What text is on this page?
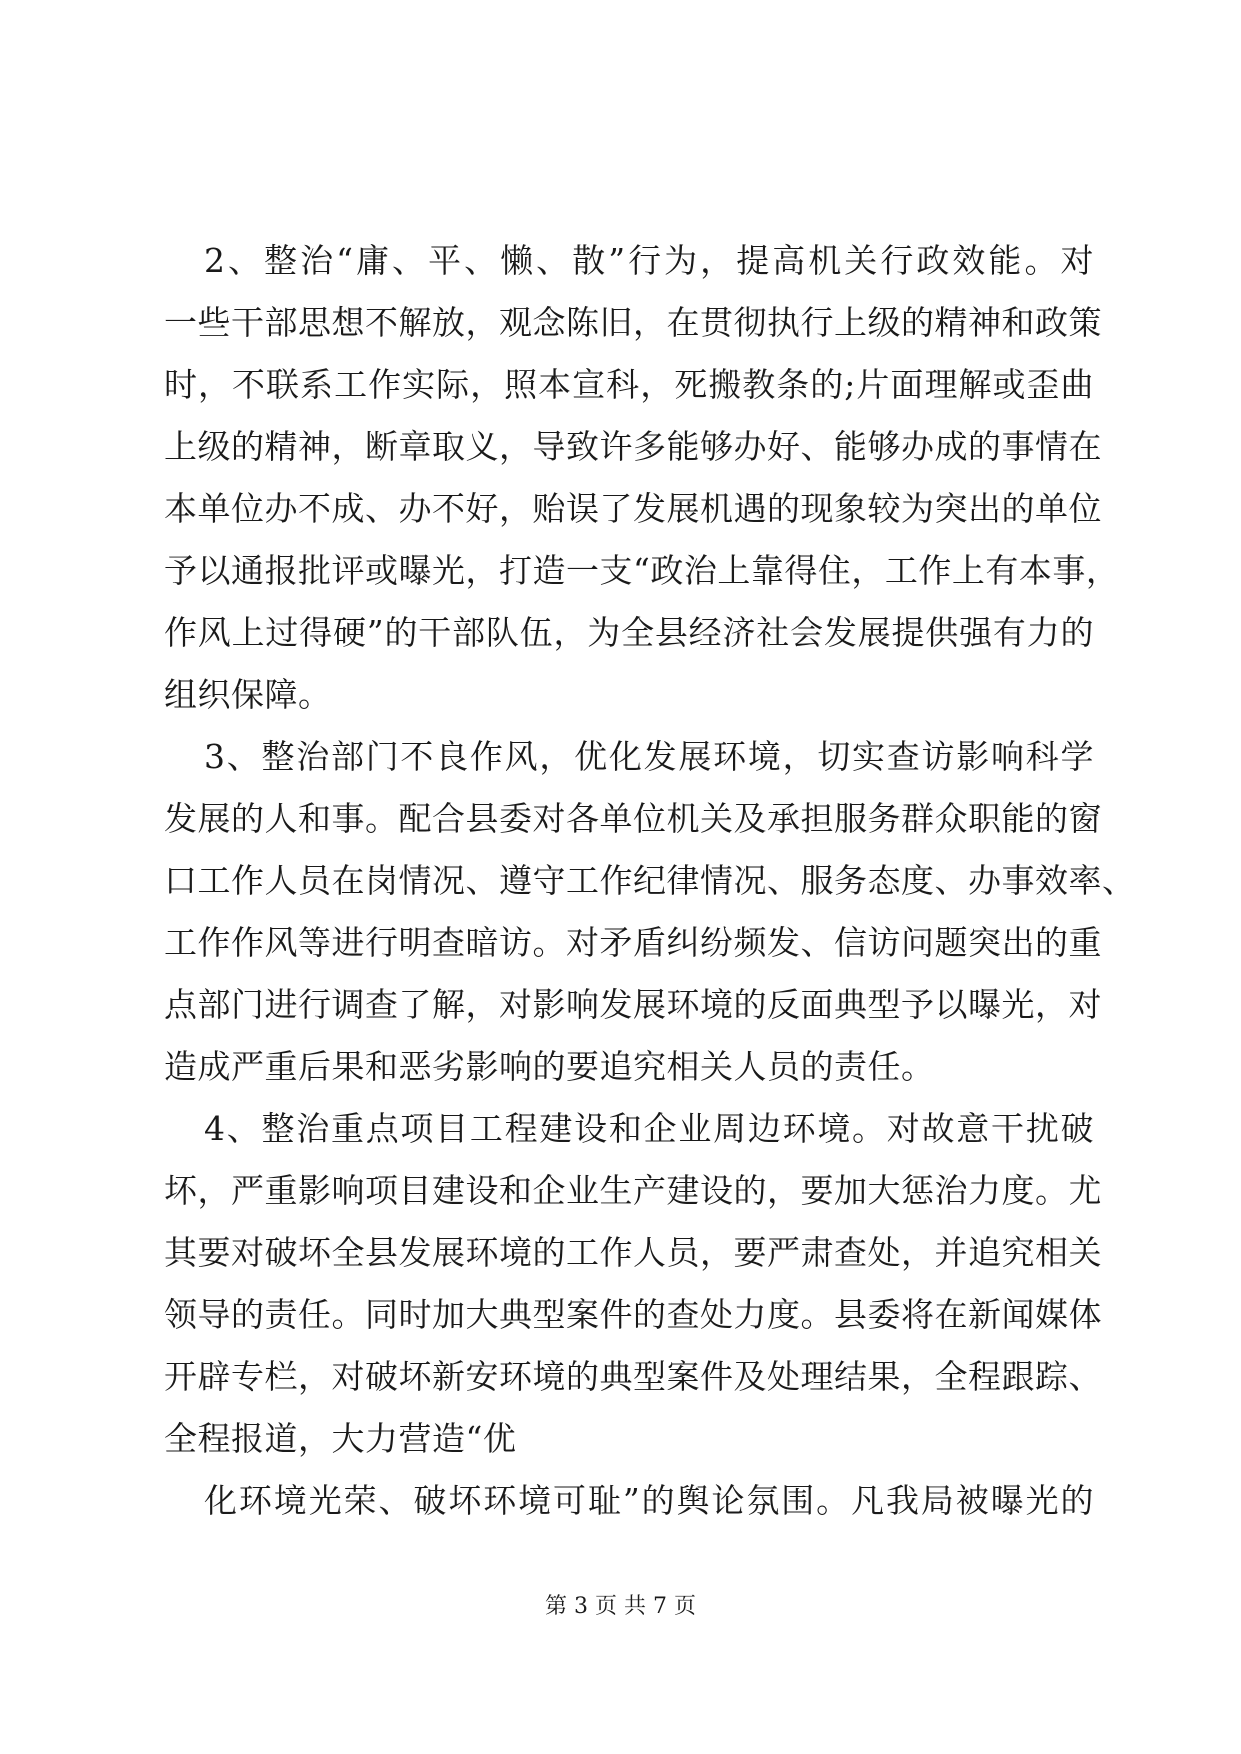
2、整治“庸、平、懒、散”行为，提高机关行政效能。对
一些干部思想不解放，观念陈旧，在贯彻执行上级的精神和政策
时，不联系工作实际，照本宣科，死搬教条的;片面理解或歪曲
上级的精神，断章取义，导致许多能够办好、能够办成的事情在
本单位办不成、办不好，贻误了发展机遇的现象较为突出的单位
予以通报批评或曝光，打造一支“政治上靠得住，工作上有本事，
作风上过得硬”的干部队伍，为全县经济社会发展提供强有力的
组织保障。
3、整治部门不良作风，优化发展环境，切实查访影响科学
发展的人和事。配合县委对各单位机关及承担服务群众职能的窗
口工作人员在岗情况、遵守工作纪律情况、服务态度、办事效率、
工作作风等进行明查暗访。对矛盾纠纷频发、信访问题突出的重
点部门进行调查了解，对影响发展环境的反面典型予以曝光，对
造成严重后果和恶劣影响的要追究相关人员的责任。
4、整治重点项目工程建设和企业周边环境。对故意干扰破
坏，严重影响项目建设和企业生产建设的，要加大惩治力度。尤
其要对破坏全县发展环境的工作人员，要严肃查处，并追究相关
领导的责任。同时加大典型案件的查处力度。县委将在新闻媒体
开辟专栏，对破坏新安环境的典型案件及处理结果，全程跟踪、
全程报道，大力营造“优
化环境光荣、破坏环境可耻”的舆论氛围。凡我局被曝光的
第 3 页 共 7 页
